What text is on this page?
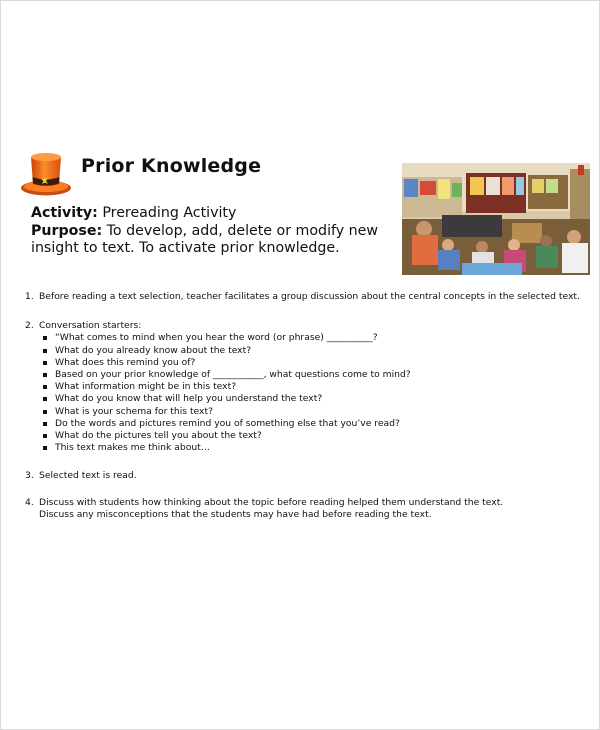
Prior Knowledge
Activity: Prereading Activity
Purpose: To develop, add, delete or modify new insight to text. To activate prior knowledge.
1. Before reading a text selection, teacher facilitates a group discussion about the central concepts in the selected text.
2. Conversation starters:
“What comes to mind when you hear the word (or phrase) __________?
What do you already know about the text?
What does this remind you of?
Based on your prior knowledge of ___________, what questions come to mind?
What information might be in this text?
What do you know that will help you understand the text?
What is your schema for this text?
Do the words and pictures remind you of something else that you’ve read?
What do the pictures tell you about the text?
This text makes me think about…
3. Selected text is read.
4. Discuss with students how thinking about the topic before reading helped them understand the text.
Discuss any misconceptions that the students may have had before reading the text.
